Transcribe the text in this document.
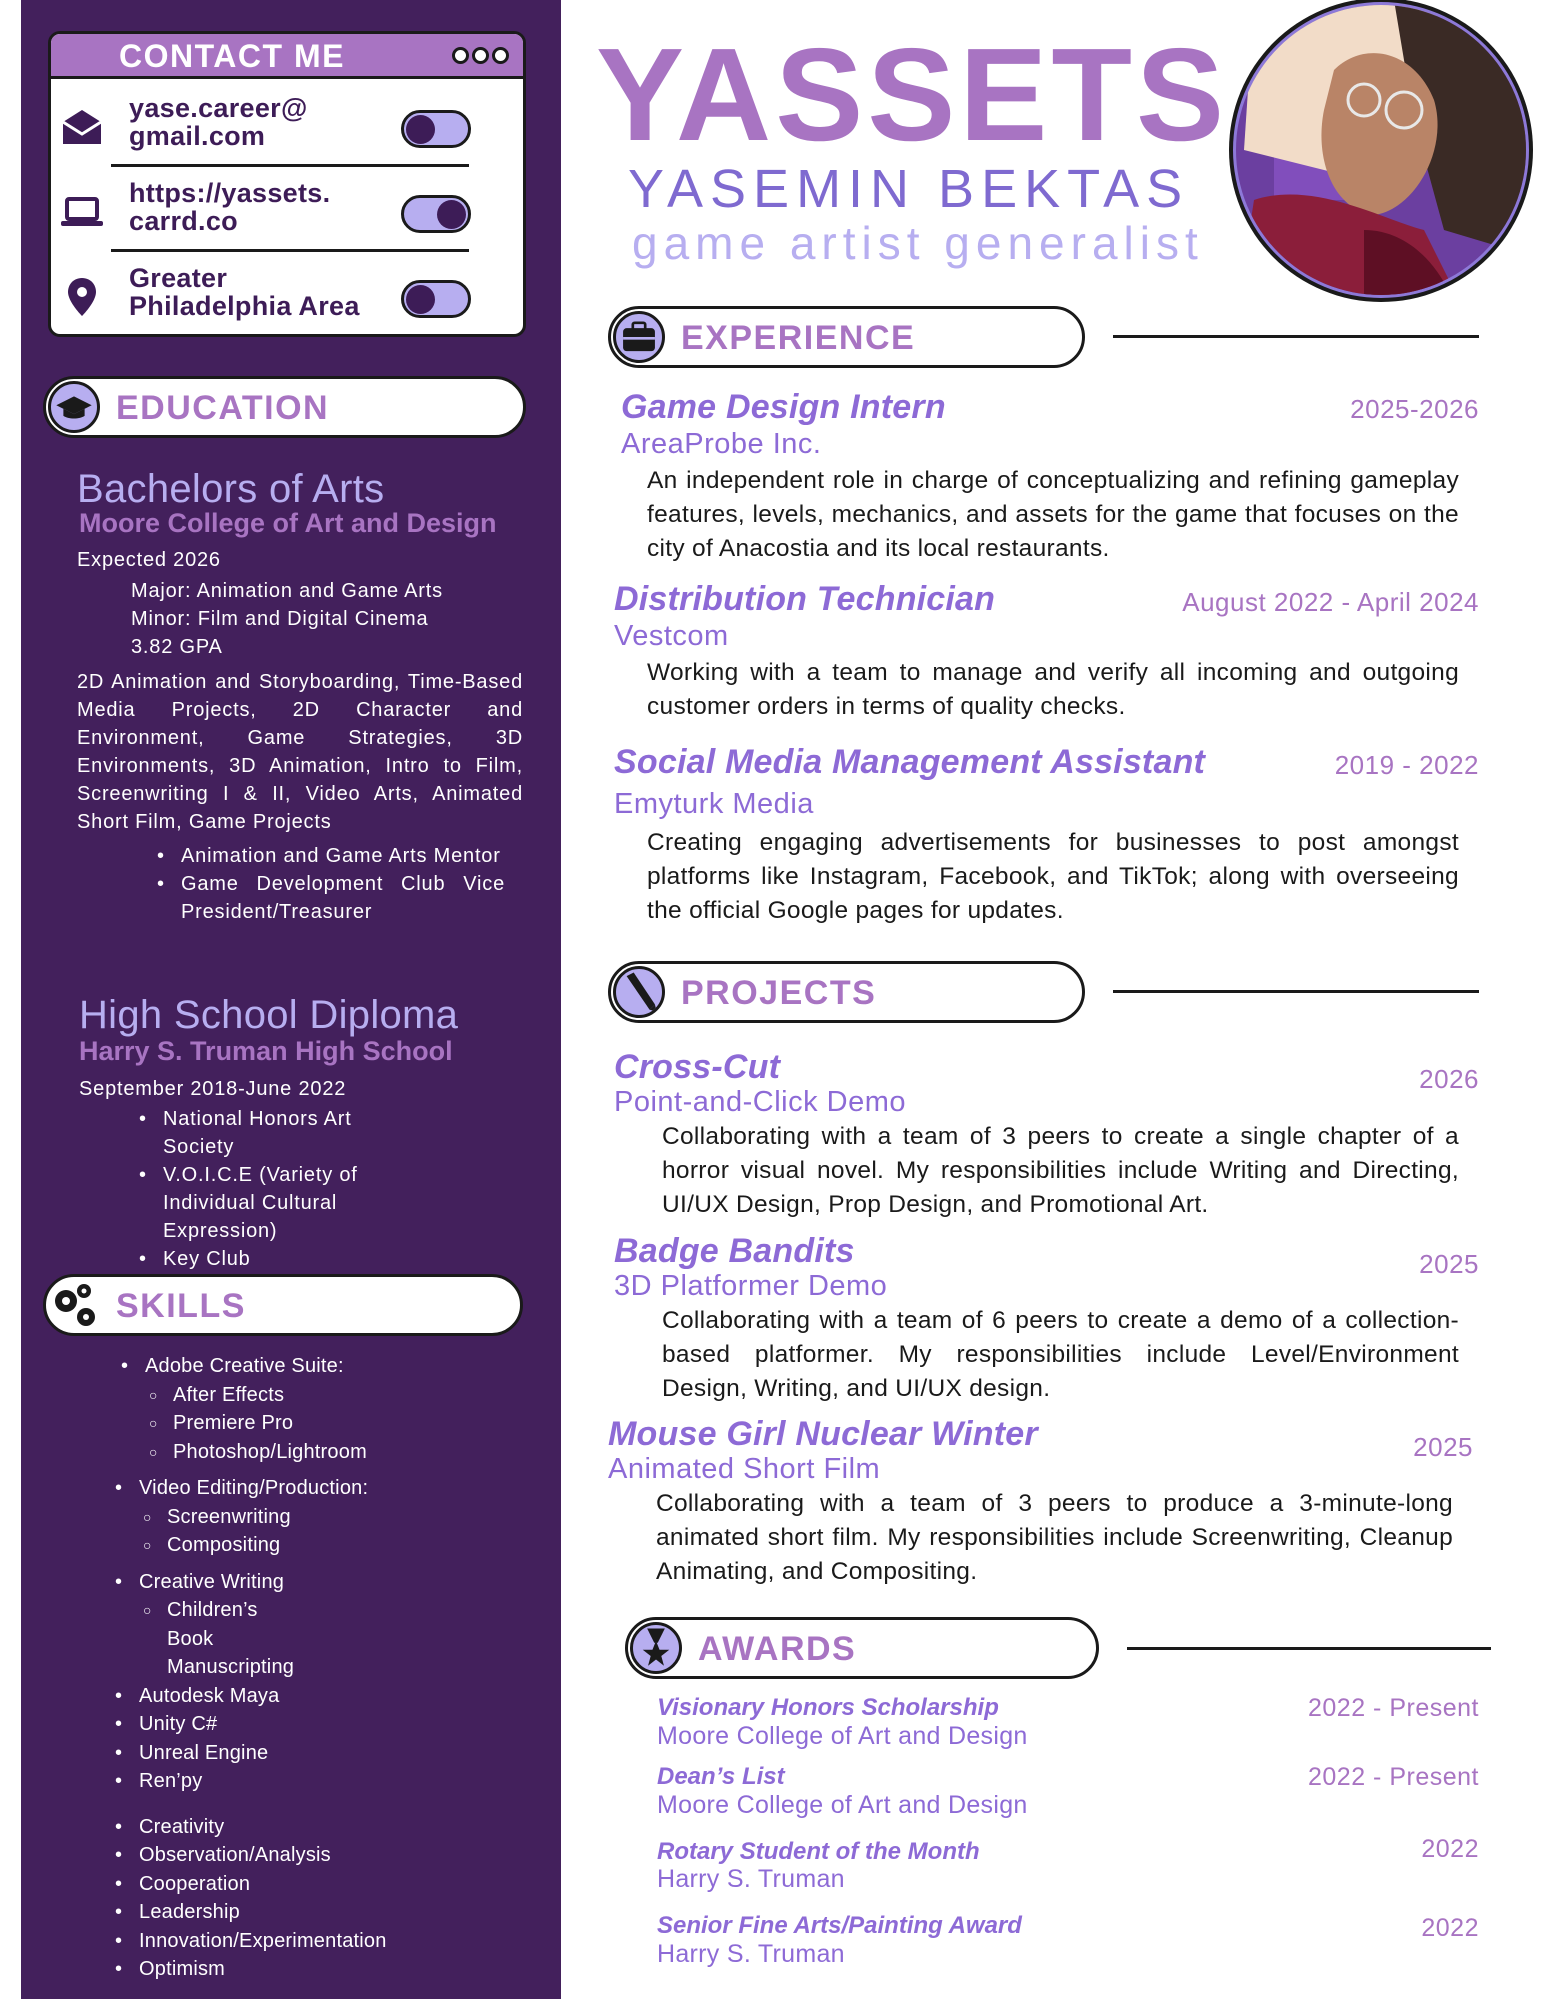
CONTACT ME
yase.career@
gmail.com
https://yassets.
carrd.co
Greater
Philadelphia Area
EDUCATION
Bachelors of Arts
Moore College of Art and Design
Expected 2026
Major: Animation and Game Arts
Minor: Film and Digital Cinema
3.82 GPA
2D Animation and Storyboarding, Time-Based Media Projects, 2D Character and Environment, Game Strategies, 3D Environments, 3D Animation, Intro to Film, Screenwriting I & II, Video Arts, Animated Short Film, Game Projects
• Animation and Game Arts Mentor
• Game Development Club Vice President/Treasurer
High School Diploma
Harry S. Truman High School
September 2018-June 2022
• National Honors Art Society
• V.O.I.C.E (Variety of Individual Cultural Expression)
• Key Club
SKILLS
• Adobe Creative Suite:
○ After Effects
○ Premiere Pro
○ Photoshop/Lightroom
• Video Editing/Production:
○ Screenwriting
○ Compositing
• Creative Writing
○ Children’s Book Manuscripting
• Autodesk Maya
• Unity C#
• Unreal Engine
• Ren’py
• Creativity
• Observation/Analysis
• Cooperation
• Leadership
• Innovation/Experimentation
• Optimism
YASSETS
YASEMIN BEKTAS
game artist generalist
EXPERIENCE
Game Design Intern
AreaProbe Inc.
2025-2026
An independent role in charge of conceptualizing and refining gameplay features, levels, mechanics, and assets for the game that focuses on the city of Anacostia and its local restaurants.
Distribution Technician
Vestcom
August 2022 - April 2024
Working with a team to manage and verify all incoming and outgoing customer orders in terms of quality checks.
Social Media Management Assistant
Emyturk Media
2019 - 2022
Creating engaging advertisements for businesses to post amongst platforms like Instagram, Facebook, and TikTok; along with overseeing the official Google pages for updates.
PROJECTS
Cross-Cut
Point-and-Click Demo
2026
Collaborating with a team of 3 peers to create a single chapter of a horror visual novel. My responsibilities include Writing and Directing, UI/UX Design, Prop Design, and Promotional Art.
Badge Bandits
3D Platformer Demo
2025
Collaborating with a team of 6 peers to create a demo of a collection-based platformer. My responsibilities include Level/Environment Design, Writing, and UI/UX design.
Mouse Girl Nuclear Winter
Animated Short Film
2025
Collaborating with a team of 3 peers to produce a 3-minute-long animated short film. My responsibilities include Screenwriting, Cleanup Animating, and Compositing.
AWARDS
Visionary Honors Scholarship
Moore College of Art and Design
2022 - Present
Dean’s List
Moore College of Art and Design
2022 - Present
Rotary Student of the Month
Harry S. Truman
2022
Senior Fine Arts/Painting Award
Harry S. Truman
2022
